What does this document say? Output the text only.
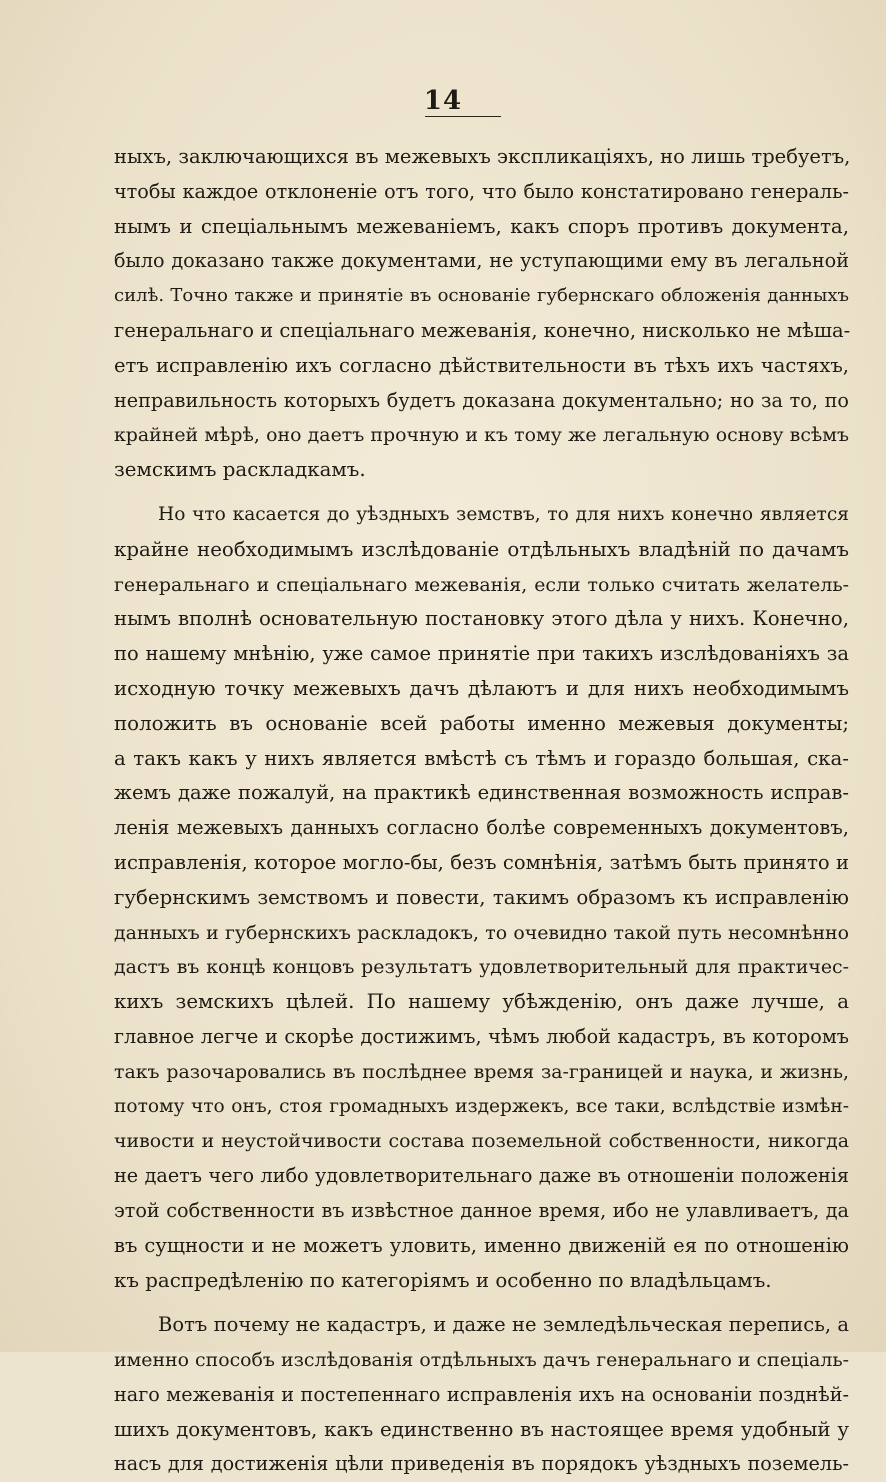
14
ныхъ, заключающихся въ межевыхъ экспликаціяхъ, но лишь требуетъ,
чтобы каждое отклоненіе отъ того, что было констатировано генераль-
нымъ и спеціальнымъ межеваніемъ, какъ споръ противъ документа,
было доказано также документами, не уступающими ему въ легальной
силѣ. Точно также и принятіе въ основаніе губернскаго обложенія данныхъ
генеральнаго и спеціальнаго межеванія, конечно, нисколько не мѣша-
етъ исправленію ихъ согласно дѣйствительности въ тѣхъ ихъ частяхъ,
неправильность которыхъ будетъ доказана документально; но за то, по
крайней мѣрѣ, оно даетъ прочную и къ тому же легальную основу всѣмъ
земскимъ раскладкамъ.
Но что касается до уѣздныхъ земствъ, то для нихъ конечно является
крайне необходимымъ изслѣдованіе отдѣльныхъ владѣній по дачамъ
генеральнаго и спеціальнаго межеванія, если только считать желатель-
нымъ вполнѣ основательную постановку этого дѣла у нихъ. Конечно,
по нашему мнѣнію, уже самое принятіе при такихъ изслѣдованіяхъ за
исходную точку межевыхъ дачъ дѣлаютъ и для нихъ необходимымъ
положить въ основаніе всей работы именно межевыя документы;
а такъ какъ у нихъ является вмѣстѣ съ тѣмъ и гораздо большая, ска-
жемъ даже пожалуй, на практикѣ единственная возможность исправ-
ленія межевыхъ данныхъ согласно болѣе современныхъ документовъ,
исправленія, которое могло-бы, безъ сомнѣнія, затѣмъ быть принято и
губернскимъ земствомъ и повести, такимъ образомъ къ исправленію
данныхъ и губернскихъ раскладокъ, то очевидно такой путь несомнѣнно
дастъ въ концѣ концовъ результатъ удовлетворительный для практичес-
кихъ земскихъ цѣлей. По нашему убѣжденію, онъ даже лучше, а
главное легче и скорѣе достижимъ, чѣмъ любой кадастръ, въ которомъ
такъ разочаровались въ послѣднее время за-границей и наука, и жизнь,
потому что онъ, стоя громадныхъ издержекъ, все таки, вслѣдствіе измѣн-
чивости и неустойчивости состава поземельной собственности, никогда
не даетъ чего либо удовлетворительнаго даже въ отношеніи положенія
этой собственности въ извѣстное данное время, ибо не улавливаетъ, да
въ сущности и не можетъ уловить, именно движеній ея по отношенію
къ распредѣленію по категоріямъ и особенно по владѣльцамъ.
Вотъ почему не кадастръ, и даже не земледѣльческая перепись, а
именно способъ изслѣдованія отдѣльныхъ дачъ генеральнаго и спеціаль-
наго межеванія и постепеннаго исправленія ихъ на основаніи позднѣй-
шихъ документовъ, какъ единственно въ настоящее время удобный у
насъ для достиженія цѣли приведенія въ порядокъ уѣздныхъ поземель-
